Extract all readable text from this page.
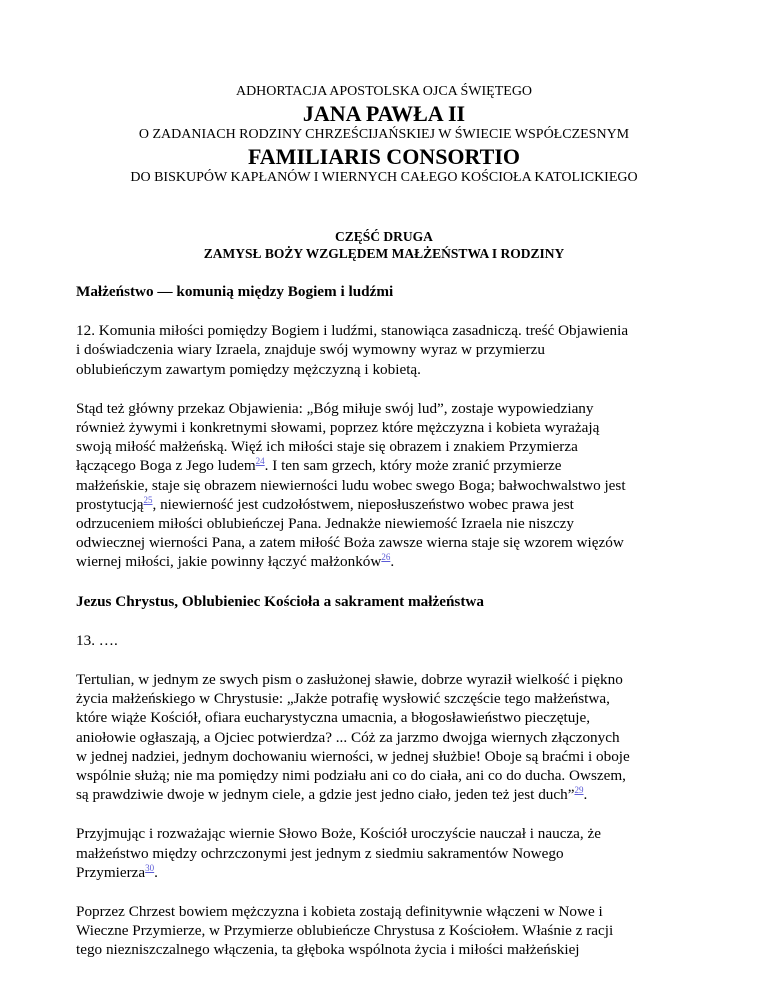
ADHORTACJA APOSTOLSKA OJCA ŚWIĘTEGO
JANA PAWŁA II
O ZADANIACH RODZINY CHRZEŚCIJAŃSKIEJ W ŚWIECIE WSPÓŁCZESNYM
FAMILIARIS CONSORTIO
DO BISKUPÓW KAPŁANÓW I WIERNYCH CAŁEGO KOŚCIOŁA KATOLICKIEGO
CZĘŚĆ DRUGA
ZAMYSŁ BOŻY WZGLĘDEM MAŁŻEŃSTWA I RODZINY
Małżeństwo — komunią między Bogiem i ludźmi

12. Komunia miłości pomiędzy Bogiem i ludźmi, stanowiąca zasadniczą. treść Objawienia
i doświadczenia wiary Izraela, znajduje swój wymowny wyraz w przymierzu
oblubieńczym zawartym pomiędzy mężczyzną i kobietą.

Stąd też główny przekaz Objawienia: „Bóg miłuje swój lud”, zostaje wypowiedziany
również żywymi i konkretnymi słowami, poprzez które mężczyzna i kobieta wyrażają
swoją miłość małżeńską. Więź ich miłości staje się obrazem i znakiem Przymierza
łączącego Boga z Jego ludem$^{24}$. I ten sam grzech, który może zranić przymierze
małżeńskie, staje się obrazem niewierności ludu wobec swego Boga; bałwochwalstwo jest
prostytucją$^{25}$, niewierność jest cudzołóstwem, nieposłuszeństwo wobec prawa jest
odrzuceniem miłości oblubieńczej Pana. Jednakże niewiemość Izraela nie niszczy
odwiecznej wierności Pana, a zatem miłość Boża zawsze wierna staje się wzorem więzów
wiernej miłości, jakie powinny łączyć małżonków$^{26}$.

Jezus Chrystus, Oblubieniec Kościoła a sakrament małżeństwa

13. ….

Tertulian, w jednym ze swych pism o zasłużonej sławie, dobrze wyraził wielkość i piękno
życia małżeńskiego w Chrystusie: „Jakże potrafię wysłowić szczęście tego małżeństwa,
które wiąże Kościół, ofiara eucharystyczna umacnia, a błogosławieństwo pieczętuje,
aniołowie ogłaszają, a Ojciec potwierdza? ... Cóż za jarzmo dwojga wiernych złączonych
w jednej nadziei, jednym dochowaniu wierności, w jednej służbie! Oboje są braćmi i oboje
wspólnie służą; nie ma pomiędzy nimi podziału ani co do ciała, ani co do ducha. Owszem,
są prawdziwie dwoje w jednym ciele, a gdzie jest jedno ciało, jeden też jest duch”$^{29}$.

Przyjmując i rozważając wiernie Słowo Boże, Kościół uroczyście nauczał i naucza, że
małżeństwo między ochrzczonymi jest jednym z siedmiu sakramentów Nowego
Przymierza$^{30}$.

Poprzez Chrzest bowiem mężczyzna i kobieta zostają definitywnie włączeni w Nowe i
Wieczne Przymierze, w Przymierze oblubieńcze Chrystusa z Kościołem. Właśnie z racji
tego niezniszczalnego włączenia, ta głęboka wspólnota życia i miłości małżeńskiej
